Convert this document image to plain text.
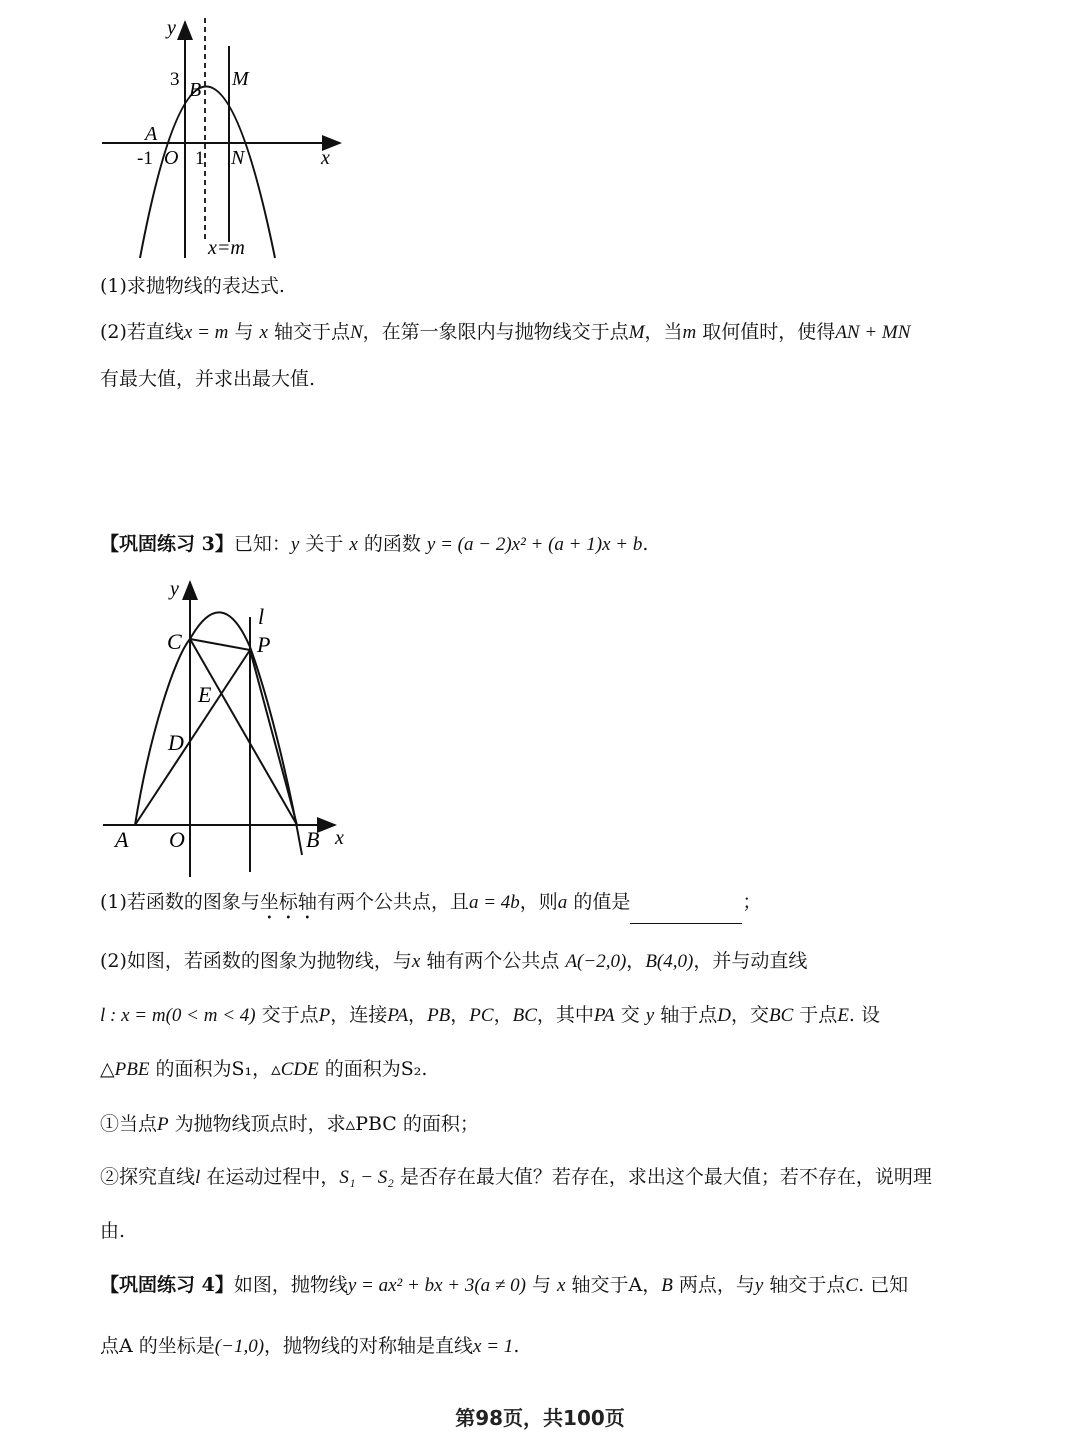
y
3	M
B
A
-1 O 1 N	x
x=m
(1)求抛物线的表达式.
(2)若直线x = m 与 x 轴交于点N，在第一象限内与抛物线交于点M，当m 取何值时，使得AN + MN
有最大值，并求出最大值.
【巩固练习 3】已知：y 关于 x 的函数 y = (a − 2)x² + (a + 1)x + b.
y
l
C	P
E
D
A O	B x
(1)若函数的图象与坐标轴有两个公共点，且a = 4b，则a 的值是	；
(2)如图，若函数的图象为抛物线，与x 轴有两个公共点 A(−2,0)，B(4,0)，并与动直线
l : x = m(0 < m < 4) 交于点P，连接PA，PB，PC，BC，其中PA 交 y 轴于点D，交BC 于点E. 设
△PBE 的面积为S₁，▵CDE 的面积为S₂.
①当点P 为抛物线顶点时，求▵PBC 的面积；
②探究直线l 在运动过程中，S₁ − S₂ 是否存在最大值？若存在，求出这个最大值；若不存在，说明理
由.
【巩固练习 4】如图，抛物线y = ax² + bx + 3(a ≠ 0) 与 x 轴交于A，B 两点，与y 轴交于点C. 已知
点A 的坐标是(−1,0)，抛物线的对称轴是直线x = 1.
第98页，共100页
